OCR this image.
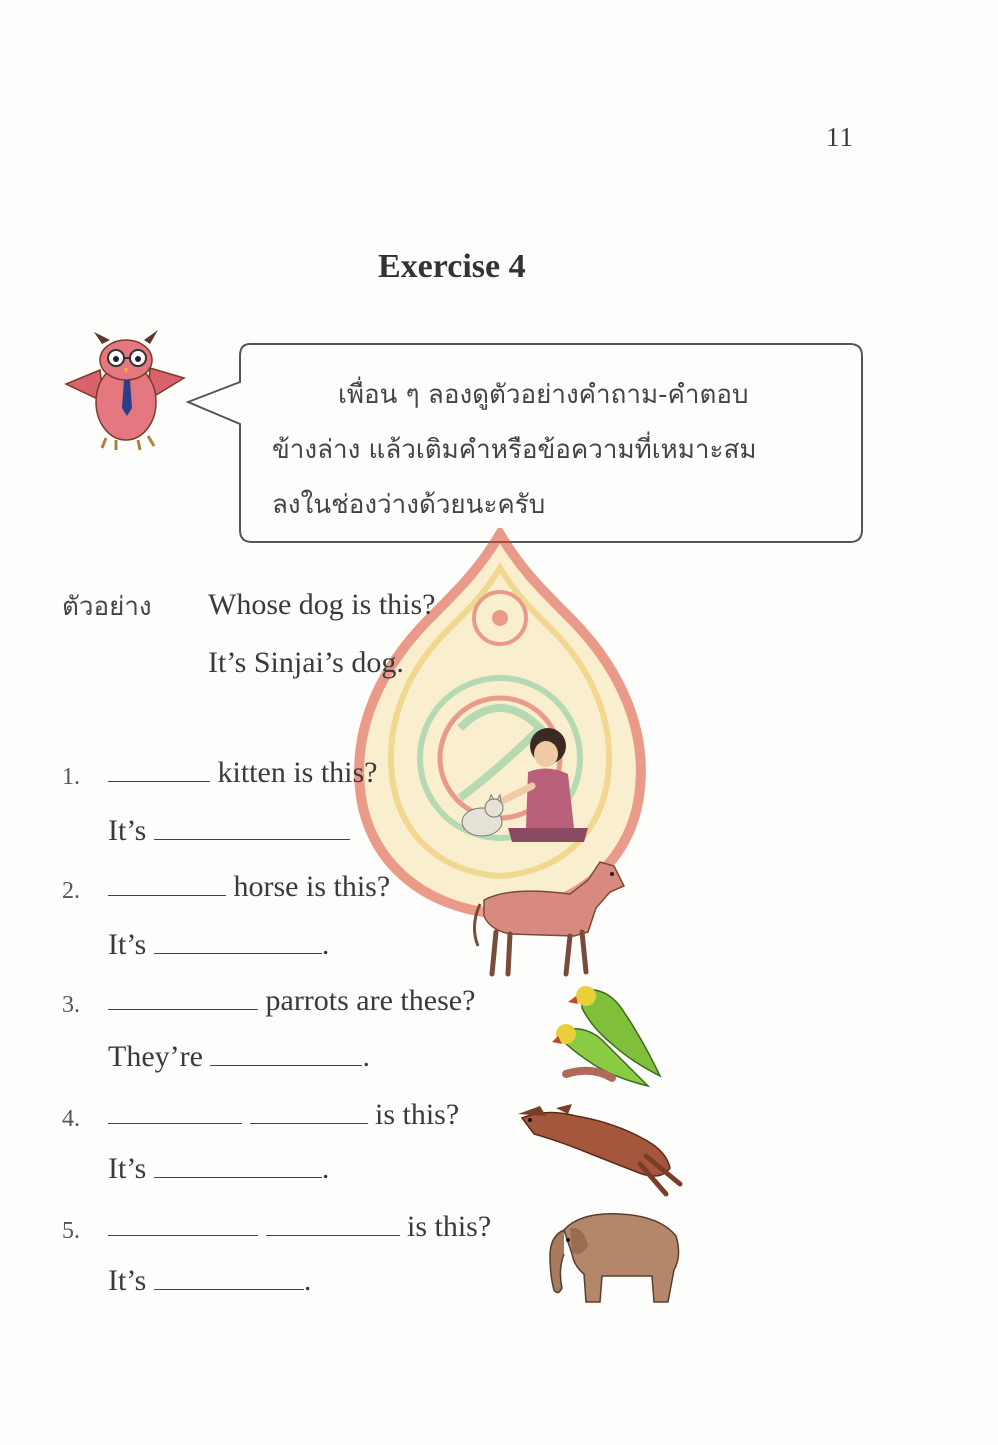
11
Exercise 4
เพื่อน ๆ ลองดูตัวอย่างคำถาม-คำตอบ
ข้างล่าง แล้วเติมคำหรือข้อความที่เหมาะสม
ลงในช่องว่างด้วยนะครับ
ตัวอย่าง Whose dog is this?
It’s Sinjai’s dog.
1.	kitten is this?
It’s
2.	horse is this?
It’s	.
3.	parrots are these?
They’re	.
4.	is this?
It’s	.
5.	is this?
It’s	.
